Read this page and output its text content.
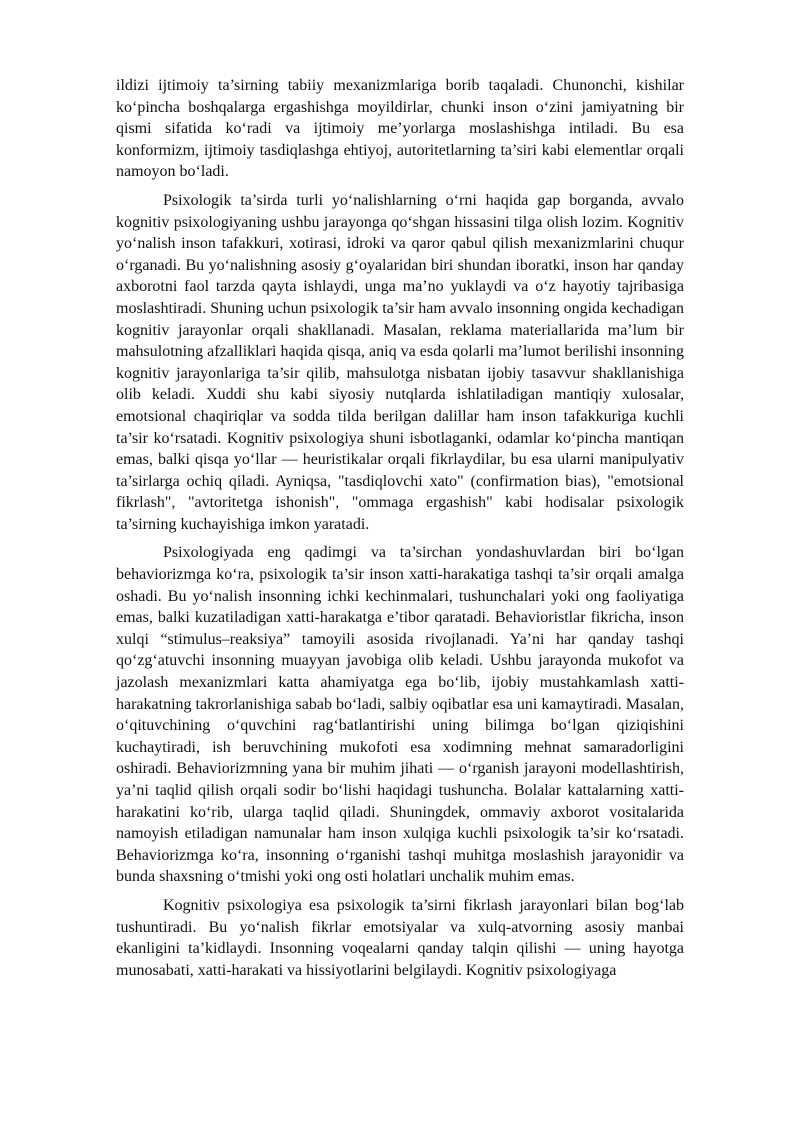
ildizi ijtimoiy ta’sirning tabiiy mexanizmlariga borib taqaladi. Chunonchi, kishilar ko‘pincha boshqalarga ergashishga moyildirlar, chunki inson o‘zini jamiyatning bir qismi sifatida ko‘radi va ijtimoiy me’yorlarga moslashishga intiladi. Bu esa konformizm, ijtimoiy tasdiqlashga ehtiyoj, autoritetlarning ta’siri kabi elementlar orqali namoyon bo‘ladi.

Psixologik ta’sirda turli yo‘nalishlarning o‘rni haqida gap borganda, avvalo kognitiv psixologiyaning ushbu jarayonga qo‘shgan hissasini tilga olish lozim. Kognitiv yo‘nalish inson tafakkuri, xotirasi, idroki va qaror qabul qilish mexanizmlarini chuqur o‘rganadi. Bu yo‘nalishning asosiy g‘oyalaridan biri shundan iboratki, inson har qanday axborotni faol tarzda qayta ishlaydi, unga ma’no yuklaydi va o‘z hayotiy tajribasiga moslashtiradi. Shuning uchun psixologik ta’sir ham avvalo insonning ongida kechadigan kognitiv jarayonlar orqali shakllanadi. Masalan, reklama materiallarida ma’lum bir mahsulotning afzalliklari haqida qisqa, aniq va esda qolarli ma’lumot berilishi insonning kognitiv jarayonlariga ta’sir qilib, mahsulotga nisbatan ijobiy tasavvur shakllanishiga olib keladi. Xuddi shu kabi siyosiy nutqlarda ishlatiladigan mantiqiy xulosalar, emotsional chaqiriqlar va sodda tilda berilgan dalillar ham inson tafakkuriga kuchli ta’sir ko‘rsatadi. Kognitiv psixologiya shuni isbotlaganki, odamlar ko‘pincha mantiqan emas, balki qisqa yo‘llar — heuristikalar orqali fikrlaydilar, bu esa ularni manipulyativ ta’sirlarga ochiq qiladi. Ayniqsa, "tasdiqlovchi xato" (confirmation bias), "emotsional fikrlash", "avtoritetga ishonish", "ommaga ergashish" kabi hodisalar psixologik ta’sirning kuchayishiga imkon yaratadi.

Psixologiyada eng qadimgi va ta’sirchan yondashuvlardan biri bo‘lgan behaviorizmga ko‘ra, psixologik ta’sir inson xatti-harakatiga tashqi ta’sir orqali amalga oshadi. Bu yo‘nalish insonning ichki kechinmalari, tushunchalari yoki ong faoliyatiga emas, balki kuzatiladigan xatti-harakatga e’tibor qaratadi. Behavioristlar fikricha, inson xulqi “stimulus–reaksiya” tamoyili asosida rivojlanadi. Ya’ni har qanday tashqi qo‘zg‘atuvchi insonning muayyan javobiga olib keladi. Ushbu jarayonda mukofot va jazolash mexanizmlari katta ahamiyatga ega bo‘lib, ijobiy mustahkamlash xatti-harakatning takrorlanishiga sabab bo‘ladi, salbiy oqibatlar esa uni kamaytiradi. Masalan, o‘qituvchining o‘quvchini rag‘batlantirishi uning bilimga bo‘lgan qiziqishini kuchaytiradi, ish beruvchining mukofoti esa xodimning mehnat samaradorligini oshiradi. Behaviorizmning yana bir muhim jihati — o‘rganish jarayoni modellashtirish, ya’ni taqlid qilish orqali sodir bo‘lishi haqidagi tushuncha. Bolalar kattalarning xatti-harakatini ko‘rib, ularga taqlid qiladi. Shuningdek, ommaviy axborot vositalarida namoyish etiladigan namunalar ham inson xulqiga kuchli psixologik ta’sir ko‘rsatadi. Behaviorizmga ko‘ra, insonning o‘rganishi tashqi muhitga moslashish jarayonidir va bunda shaxsning o‘tmishi yoki ong osti holatlari unchalik muhim emas.

Kognitiv psixologiya esa psixologik ta’sirni fikrlash jarayonlari bilan bog‘lab tushuntiradi. Bu yo‘nalish fikrlar emotsiyalar va xulq-atvorning asosiy manbai ekanligini ta’kidlaydi. Insonning voqealarni qanday talqin qilishi — uning hayotga munosabati, xatti-harakati va hissiyotlarini belgilaydi. Kognitiv psixologiyaga
